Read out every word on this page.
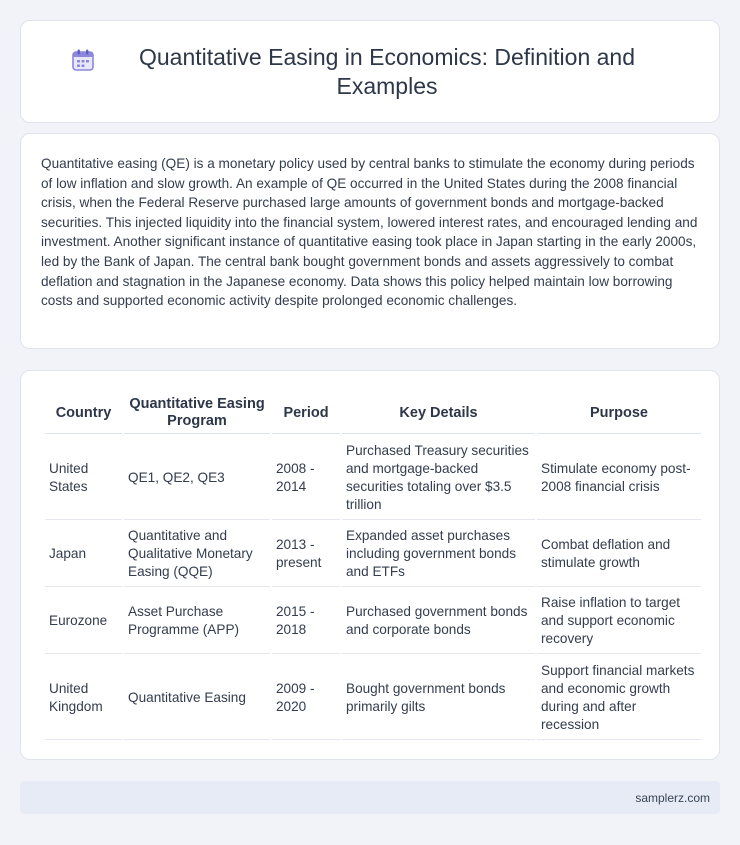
Quantitative Easing in Economics: Definition and Examples

Quantitative easing (QE) is a monetary policy used by central banks to stimulate the economy during periods of low inflation and slow growth. An example of QE occurred in the United States during the 2008 financial crisis, when the Federal Reserve purchased large amounts of government bonds and mortgage-backed securities. This injected liquidity into the financial system, lowered interest rates, and encouraged lending and investment. Another significant instance of quantitative easing took place in Japan starting in the early 2000s, led by the Bank of Japan. The central bank bought government bonds and assets aggressively to combat deflation and stagnation in the Japanese economy. Data shows this policy helped maintain low borrowing costs and supported economic activity despite prolonged economic challenges.

Country	Quantitative Easing Program	Period	Key Details	Purpose
United States	QE1, QE2, QE3	2008 - 2014	Purchased Treasury securities and mortgage-backed securities totaling over $3.5 trillion	Stimulate economy post-2008 financial crisis
Japan	Quantitative and Qualitative Monetary Easing (QQE)	2013 - present	Expanded asset purchases including government bonds and ETFs	Combat deflation and stimulate growth
Eurozone	Asset Purchase Programme (APP)	2015 - 2018	Purchased government bonds and corporate bonds	Raise inflation to target and support economic recovery
United Kingdom	Quantitative Easing	2009 - 2020	Bought government bonds primarily gilts	Support financial markets and economic growth during and after recession
samplerz.com
